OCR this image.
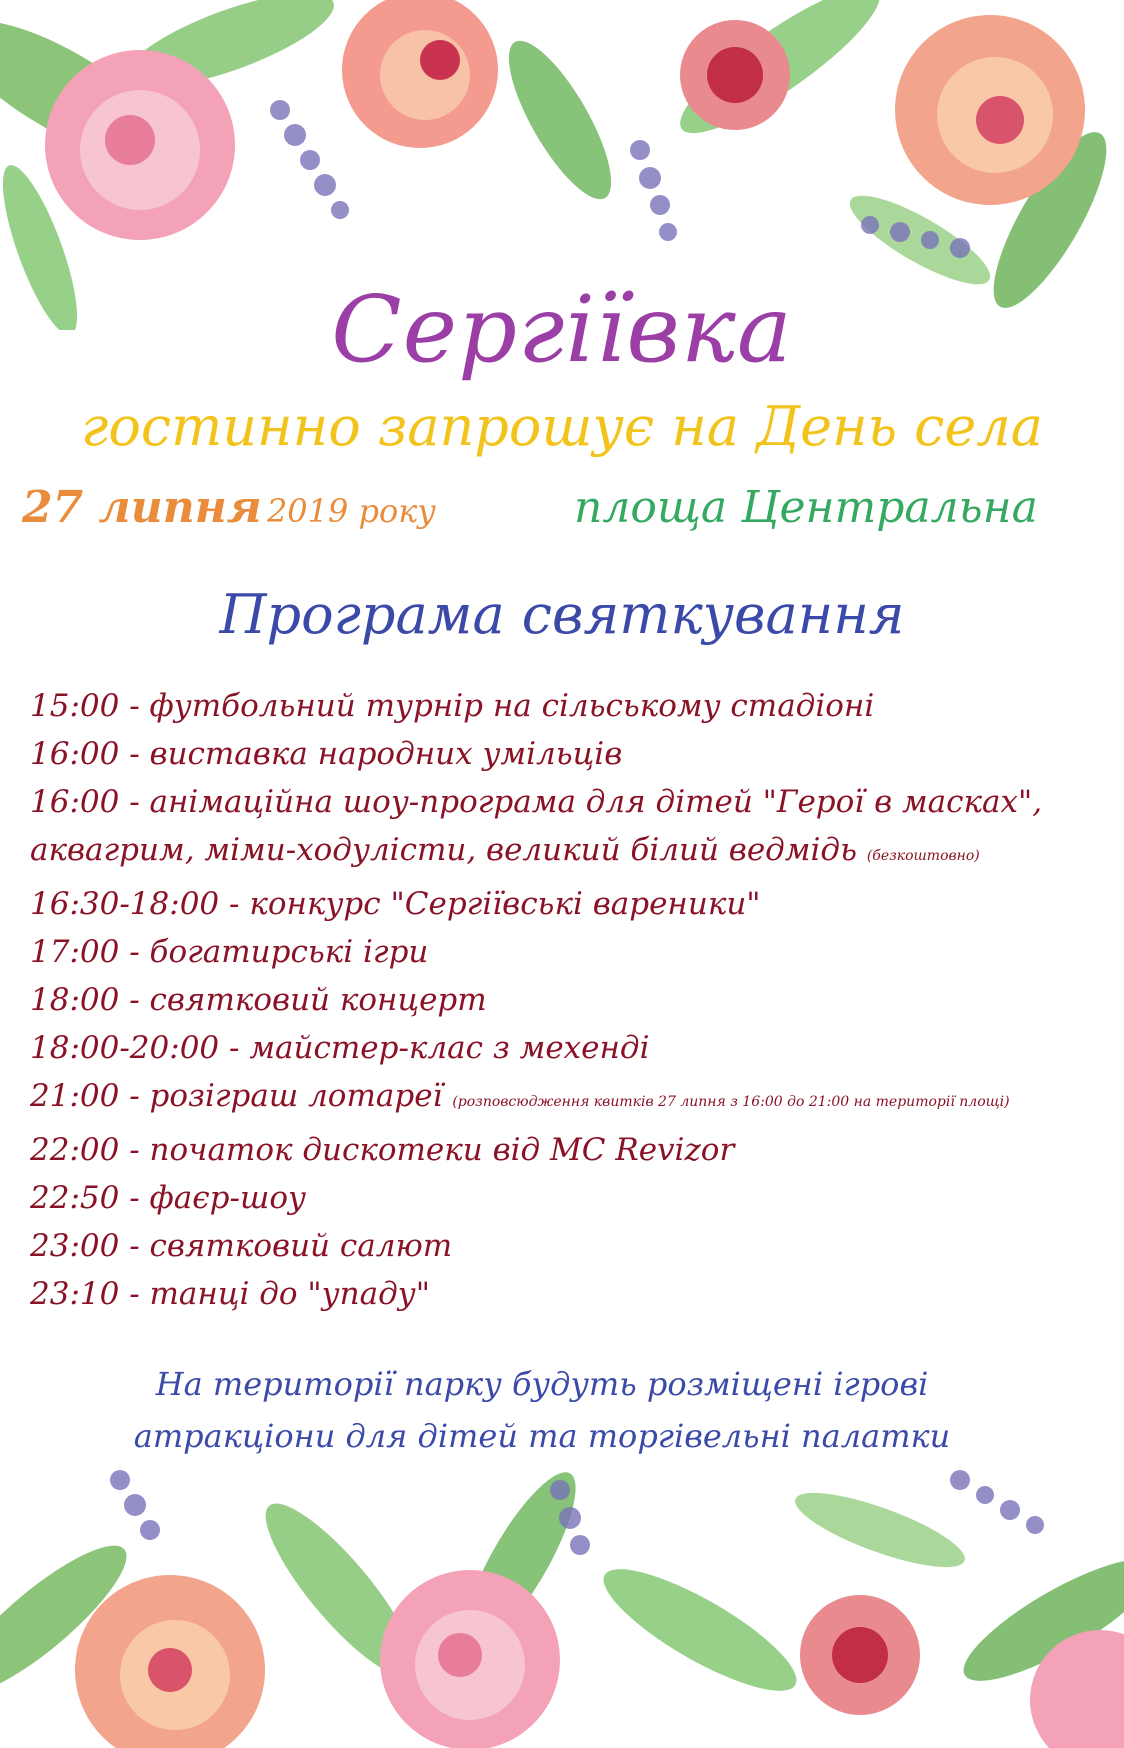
Сергіївка
гостинно запрошує на День села
27 липня 2019 року	площа Центральна
Програма святкування
15:00 - футбольний турнір на сільському стадіоні
16:00 - виставка народних умільців
16:00 - анімаційна шоу-програма для дітей "Герої в масках",
аквагрим, міми-ходулісти, великий білий ведмідь (безкоштовно)
16:30-18:00 - конкурс "Сергіївські вареники"
17:00 - богатирські ігри
18:00 - святковий концерт
18:00-20:00 - майстер-клас з мехенді
21:00 - розіграш лотареї (розповсюдження квитків 27 липня з 16:00 до 21:00 на території площі)
22:00 - початок дискотеки від MC Revizor
22:50 - фаєр-шоу
23:00 - святковий салют
23:10 - танці до "упаду"
На території парку будуть розміщені ігрові
атракціони для дітей та торгівельні палатки
